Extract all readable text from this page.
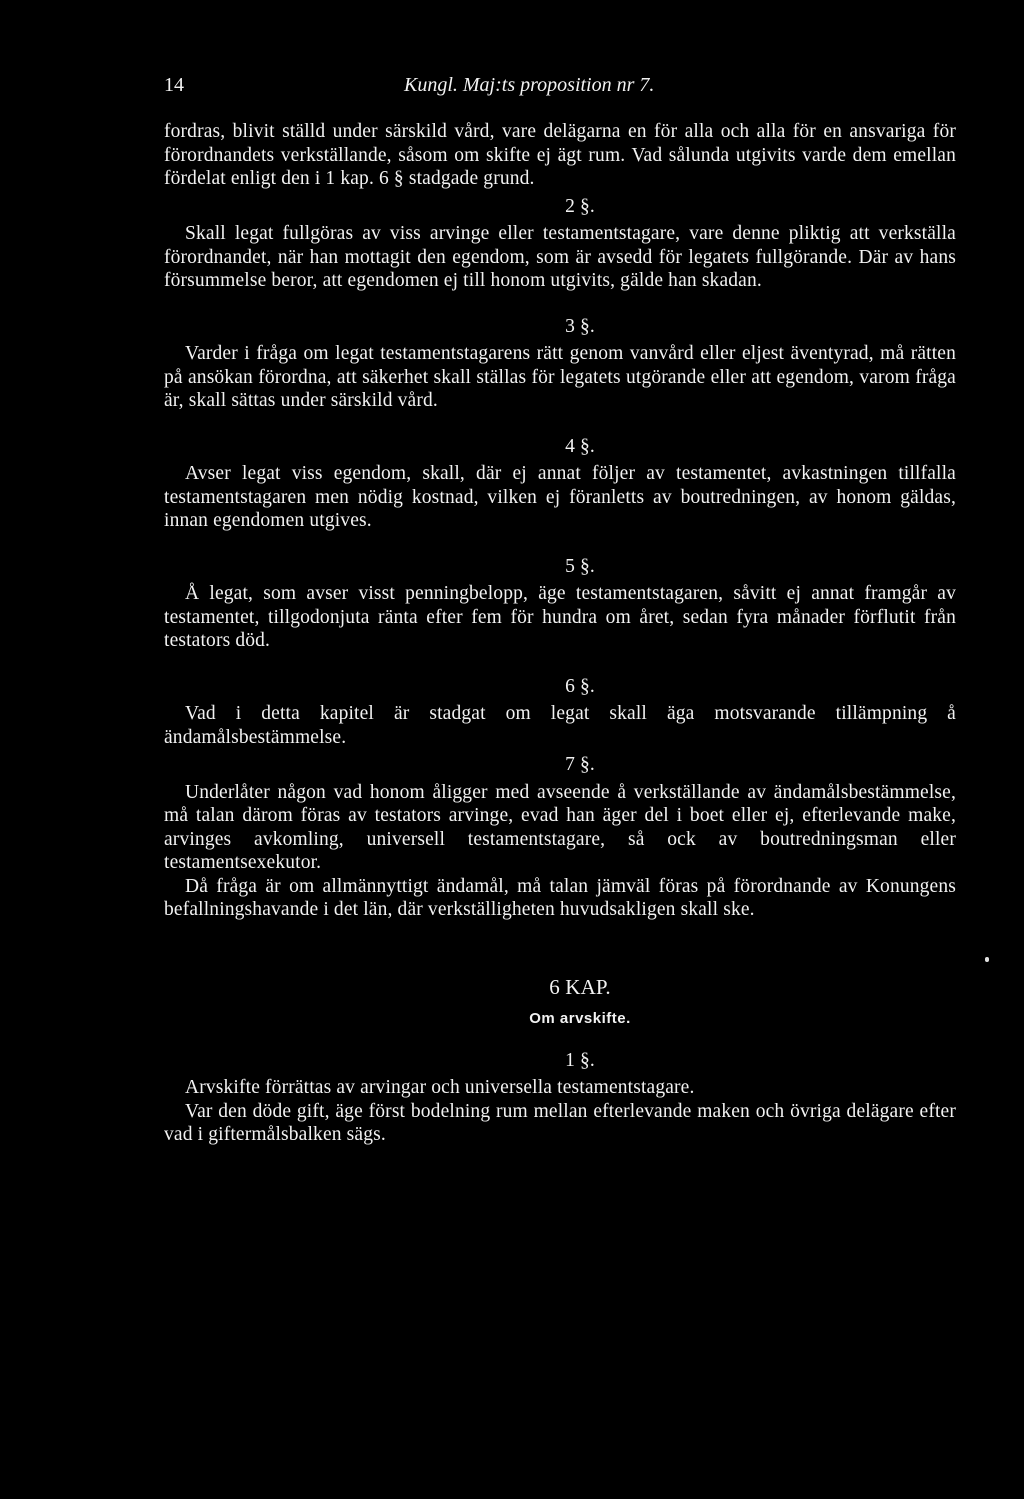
14	Kungl. Maj:ts proposition nr 7.

fordras, blivit ställd under särskild vård, vare delägarna en för alla och alla för en ansvariga för förordnandets verkställande, såsom om skifte ej ägt rum. Vad sålunda utgivits varde dem emellan fördelat enligt den i 1 kap. 6 § stadgade grund.

2 §.

Skall legat fullgöras av viss arvinge eller testamentstagare, vare denne pliktig att verkställa förordnandet, när han mottagit den egendom, som är avsedd för legatets fullgörande. Där av hans försummelse beror, att egendomen ej till honom utgivits, gälde han skadan.

3 §.

Varder i fråga om legat testamentstagarens rätt genom vanvård eller eljest äventyrad, må rätten på ansökan förordna, att säkerhet skall ställas för legatets utgörande eller att egendom, varom fråga är, skall sättas under särskild vård.

4 §.

Avser legat viss egendom, skall, där ej annat följer av testamentet, avkastningen tillfalla testamentstagaren men nödig kostnad, vilken ej föranletts av boutredningen, av honom gäldas, innan egendomen utgives.

5 §.

Å legat, som avser visst penningbelopp, äge testamentstagaren, såvitt ej annat framgår av testamentet, tillgodonjuta ränta efter fem för hundra om året, sedan fyra månader förflutit från testators död.

6 §.

Vad i detta kapitel är stadgat om legat skall äga motsvarande tillämpning å ändamålsbestämmelse.

7 §.

Underlåter någon vad honom åligger med avseende å verkställande av ändamålsbestämmelse, må talan därom föras av testators arvinge, evad han äger del i boet eller ej, efterlevande make, arvinges avkomling, universell testamentstagare, så ock av boutredningsman eller testamentsexekutor.

Då fråga är om allmännyttigt ändamål, må talan jämväl föras på förordnande av Konungens befallningshavande i det län, där verkställigheten huvudsakligen skall ske.

6 KAP.

Om arvskifte.

1 §.

Arvskifte förrättas av arvingar och universella testamentstagare.

Var den döde gift, äge först bodelning rum mellan efterlevande maken och övriga delägare efter vad i giftermålsbalken sägs.
